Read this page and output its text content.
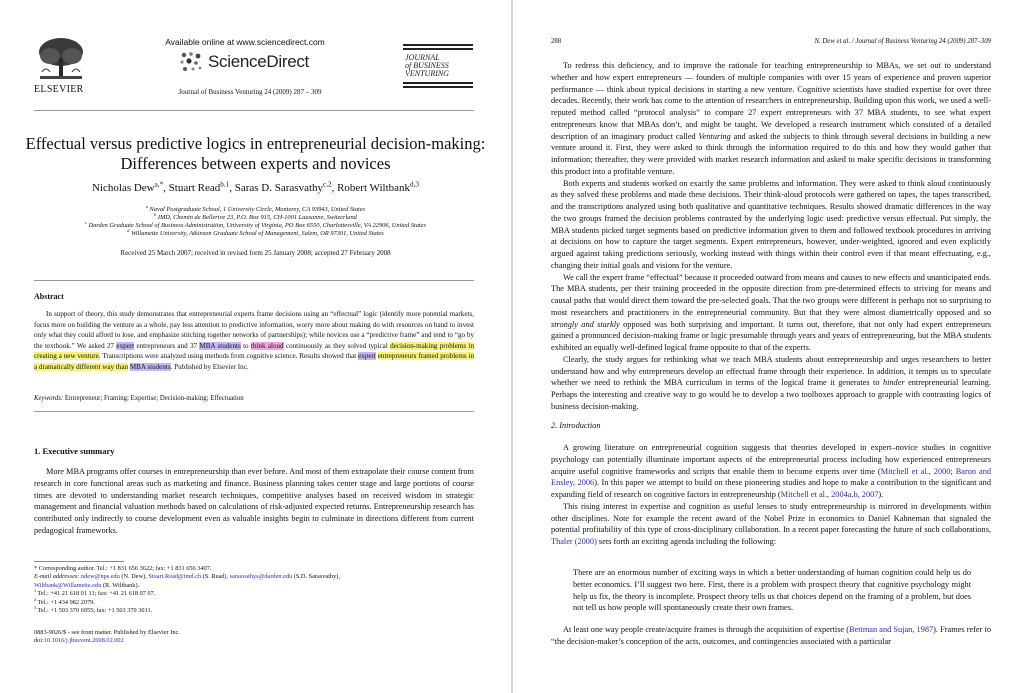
ELSEVIER
Available online at www.sciencedirect.com
ScienceDirect
Journal of Business Venturing 24 (2009) 287 – 309
JOURNAL
of BUSINESS
VENTURING
Effectual versus predictive logics in entrepreneurial decision-making:
Differences between experts and novices
Nicholas Dew$^{a,*}$, Stuart Read$^{b,1}$, Saras D. Sarasvathy$^{c,2}$, Robert Wiltbank$^{d,3}$
$^a$ Naval Postgraduate School, 1 University Circle, Monterey, CA 93943, United States
$^b$ IMD, Chemin de Bellerive 23, P.O. Box 915, CH-1001 Lausanne, Switzerland
$^c$ Darden Graduate School of Business Administration, University of Virginia, PO Box 6550, Charlottesville, VA 22906, United States
$^d$ Willamette University, Atkinson Graduate School of Management, Salem, OR 97301, United States
Received 25 March 2007; received in revised form 25 January 2008; accepted 27 February 2008
Abstract
In support of theory, this study demonstrates that entrepreneurial experts frame decisions using an “effectual” logic (identify more potential markets, focus more on building the venture as a whole, pay less attention to predictive information, worry more about making do with resources on hand to invest only what they could afford to lose, and emphasize stitching together networks of partnerships); while novices use a “predictive frame” and tend to “go by the textbook.” We asked 27 expert entrepreneurs and 37 MBA students to think aloud continuously as they solved typical decision-making problems in creating a new venture. Transcriptions were analyzed using methods from cognitive science. Results showed that expert entrepreneurs framed problems in a dramatically different way than MBA students. Published by Elsevier Inc.
Keywords: Entrepreneur; Framing; Expertise; Decision-making; Effectuation
1. Executive summary
More MBA programs offer courses in entrepreneurship than ever before. And most of them extrapolate their course content from research in core functional areas such as marketing and finance. Business planning takes center stage and large portions of course times are devoted to understanding market research techniques, competitive analyses based on received wisdom in strategic management and financial valuation methods based on calculations of risk-adjusted expected returns. Entrepreneurship research has contributed only indirectly to course development even as valuable insights begin to culminate in directions different from current pedagogical frameworks.
* Corresponding author. Tel.: +1 831 656 3622; fax: +1 831 656 3407.
E-mail addresses: ndew@nps.edu (N. Dew), Stuart.Read@imd.ch (S. Read), sarasvathys@darden.edu (S.D. Sarasvathy),
Wiltbank@Willamette.edu (R. Wiltbank).
$^1$ Tel.: +41 21 618 01 11; fax: +41 21 618 07 07.
$^2$ Tel.: +1 434 982 2079.
$^3$ Tel.: +1 503 370 6955; fax: +1 503 370 3011.
0883-9026/$ - see front matter. Published by Elsevier Inc.
doi:10.1016/j.jbusvent.2008.02.002
288	N. Dew et al. / Journal of Business Venturing 24 (2009) 287–309

To redress this deficiency, and to improve the rationale for teaching entrepreneurship to MBAs, we set out to understand whether and how expert entrepreneurs — founders of multiple companies with over 15 years of experience and proven superior performance — think about typical decisions in starting a new venture. Cognitive scientists have studied expertise for over three decades. Recently, their work has come to the attention of researchers in entrepreneurship. Building upon this work, we used a well-reputed method called “protocol analysis” to compare 27 expert entrepreneurs with 37 MBA students, to see what expert entrepreneurs know that MBAs don’t, and might be taught. We developed a research instrument which consisted of a detailed description of an imaginary product called Venturing and asked the subjects to think through several decisions in building a new venture around it. First, they were asked to think through the information required to do this and how they would gather that information; thereafter, they were provided with market research information and asked to make specific decisions in transforming this product into a profitable venture.

Both experts and students worked on exactly the same problems and information. They were asked to think aloud continuously as they solved these problems and made these decisions. Their think-aloud protocols were gathered on tapes, the tapes transcribed, and the transcriptions analyzed using both qualitative and quantitative techniques. Results showed dramatic differences in the way the two groups framed the decision problems contrasted by the underlying logic used: predictive versus effectual. Put simply, the MBA students picked target segments based on predictive information given to them and followed textbook procedures in arriving at decisions on how to capture the target segments. Expert entrepreneurs, however, under-weighted, ignored and even explicitly argued against taking predictions seriously, working instead with things within their control even if that meant effectuating, e.g., changing their initial goals and visions for the venture.

We call the expert frame “effectual” because it proceeded outward from means and causes to new effects and unanticipated ends. The MBA students, per their training proceeded in the opposite direction from pre-determined effects to striving for means and causal paths that would direct them toward the pre-selected goals. That the two groups were different is perhaps not so surprising to most researchers and practitioners in the entrepreneurial community. But that they were almost diametrically opposed and so strongly and starkly opposed was both surprising and important. It turns out, therefore, that not only had expert entrepreneurs gained a pronounced decision-making frame or logic presumable through years and years of entrepreneuring, but the MBA students exhibited an equally well-defined logical frame opposite to that of the experts.

Clearly, the study argues for rethinking what we teach MBA students about entrepreneurship and urges researchers to better understand how and why entrepreneurs develop an effectual frame through their experience. In addition, it tempts us to speculate whether we need to rethink the MBA curriculum in terms of the logical frame it generates to hinder entrepreneurial learning. Perhaps the interesting and creative way to go would be to develop a two toolboxes approach to grapple with contrasting logics of business decision-making.

2. Introduction

A growing literature on entrepreneurial cognition suggests that theories developed in expert–novice studies in cognitive psychology can potentially illuminate important aspects of the entrepreneurial process including how experienced entrepreneurs acquire useful cognitive frameworks and scripts that enable them to become experts over time (Mitchell et al., 2000; Baron and Ensley, 2006). In this paper we attempt to build on these pioneering studies and hope to make a contribution to the significant and expanding field of research on cognitive factors in entrepreneurship (Mitchell et al., 2004a,b, 2007).

This rising interest in expertise and cognition as useful lenses to study entrepreneurship is mirrored in developments within other disciplines. Note for example the recent award of the Nobel Prize in economics to Daniel Kahneman that signaled the potential profitability of this type of cross-disciplinary collaboration. In a recent paper forecasting the future of such collaborations, Thaler (2000) sets forth an exciting agenda including the following:

There are an enormous number of exciting ways in which a better understanding of human cognition could help us do better economics. I’ll suggest two here. First, there is a problem with prospect theory that cognitive psychology might help us fix, the theory is incomplete. Prospect theory tells us that choices depend on the framing of a problem, but does not tell us how people will spontaneously create their own frames.

At least one way people create/acquire frames is through the acquisition of expertise (Bettman and Sujan, 1987). Frames refer to “the decision-maker’s conception of the acts, outcomes, and contingencies associated with a particular
